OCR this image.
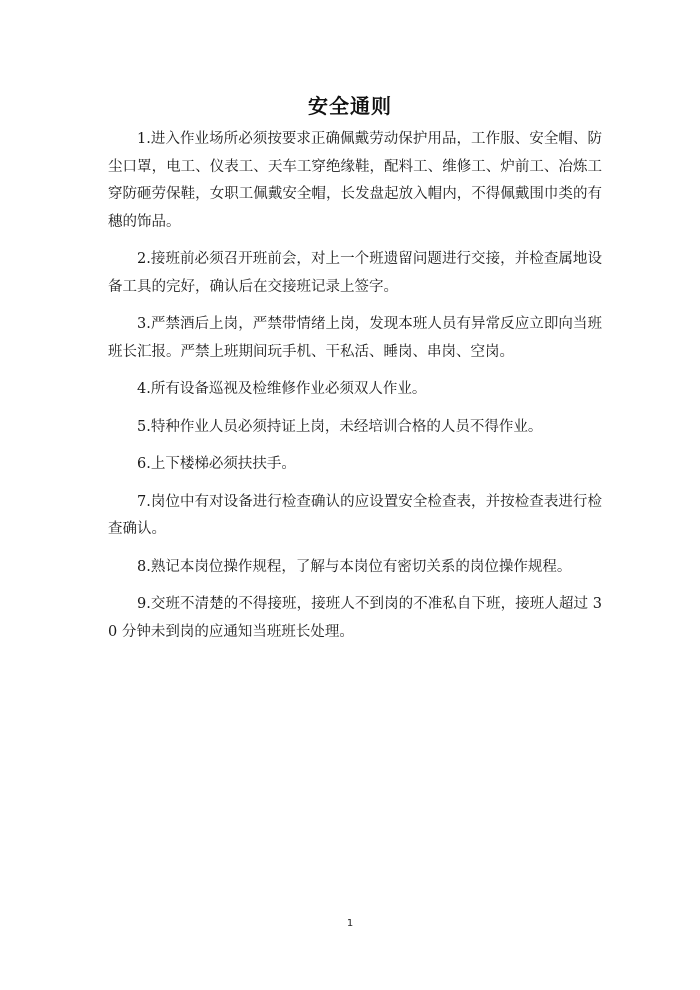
安全通则

1.进入作业场所必须按要求正确佩戴劳动保护用品，工作服、安全帽、防尘口罩，电工、仪表工、天车工穿绝缘鞋，配料工、维修工、炉前工、冶炼工穿防砸劳保鞋，女职工佩戴安全帽，长发盘起放入帽内，不得佩戴围巾类的有穗的饰品。

2.接班前必须召开班前会，对上一个班遗留问题进行交接，并检查属地设备工具的完好，确认后在交接班记录上签字。

3.严禁酒后上岗，严禁带情绪上岗，发现本班人员有异常反应立即向当班班长汇报。严禁上班期间玩手机、干私活、睡岗、串岗、空岗。

4.所有设备巡视及检维修作业必须双人作业。

5.特种作业人员必须持证上岗，未经培训合格的人员不得作业。

6.上下楼梯必须扶扶手。

7.岗位中有对设备进行检查确认的应设置安全检查表，并按检查表进行检查确认。

8.熟记本岗位操作规程，了解与本岗位有密切关系的岗位操作规程。

9.交班不清楚的不得接班，接班人不到岗的不准私自下班，接班人超过 30 分钟未到岗的应通知当班班长处理。

1
